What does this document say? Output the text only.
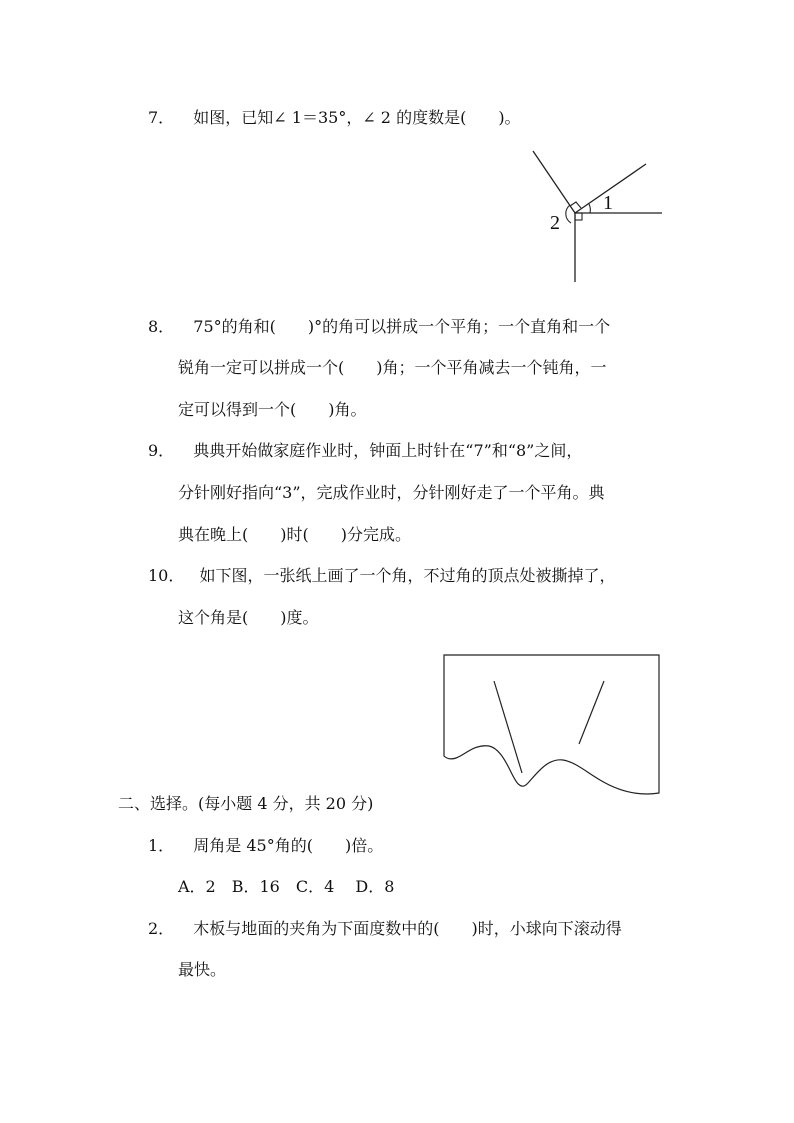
7． 如图，已知∠ 1＝35°，∠ 2 的度数是(　　)。
1
2
8． 75°的角和(　　)°的角可以拼成一个平角；一个直角和一个
锐角一定可以拼成一个(　　)角；一个平角减去一个钝角，一
定可以得到一个(　　)角。
9． 典典开始做家庭作业时，钟面上时针在“7”和“8”之间，
分针刚好指向“3”，完成作业时，分针刚好走了一个平角。典
典在晚上(　　)时(　　)分完成。
10． 如下图，一张纸上画了一个角，不过角的顶点处被撕掉了，
这个角是(　　)度。
二、选择。(每小题 4 分，共 20 分)
1． 周角是 45°角的(　　)倍。
A．2　B．16　C．4　 D．8
2． 木板与地面的夹角为下面度数中的(　　)时，小球向下滚动得
最快。
